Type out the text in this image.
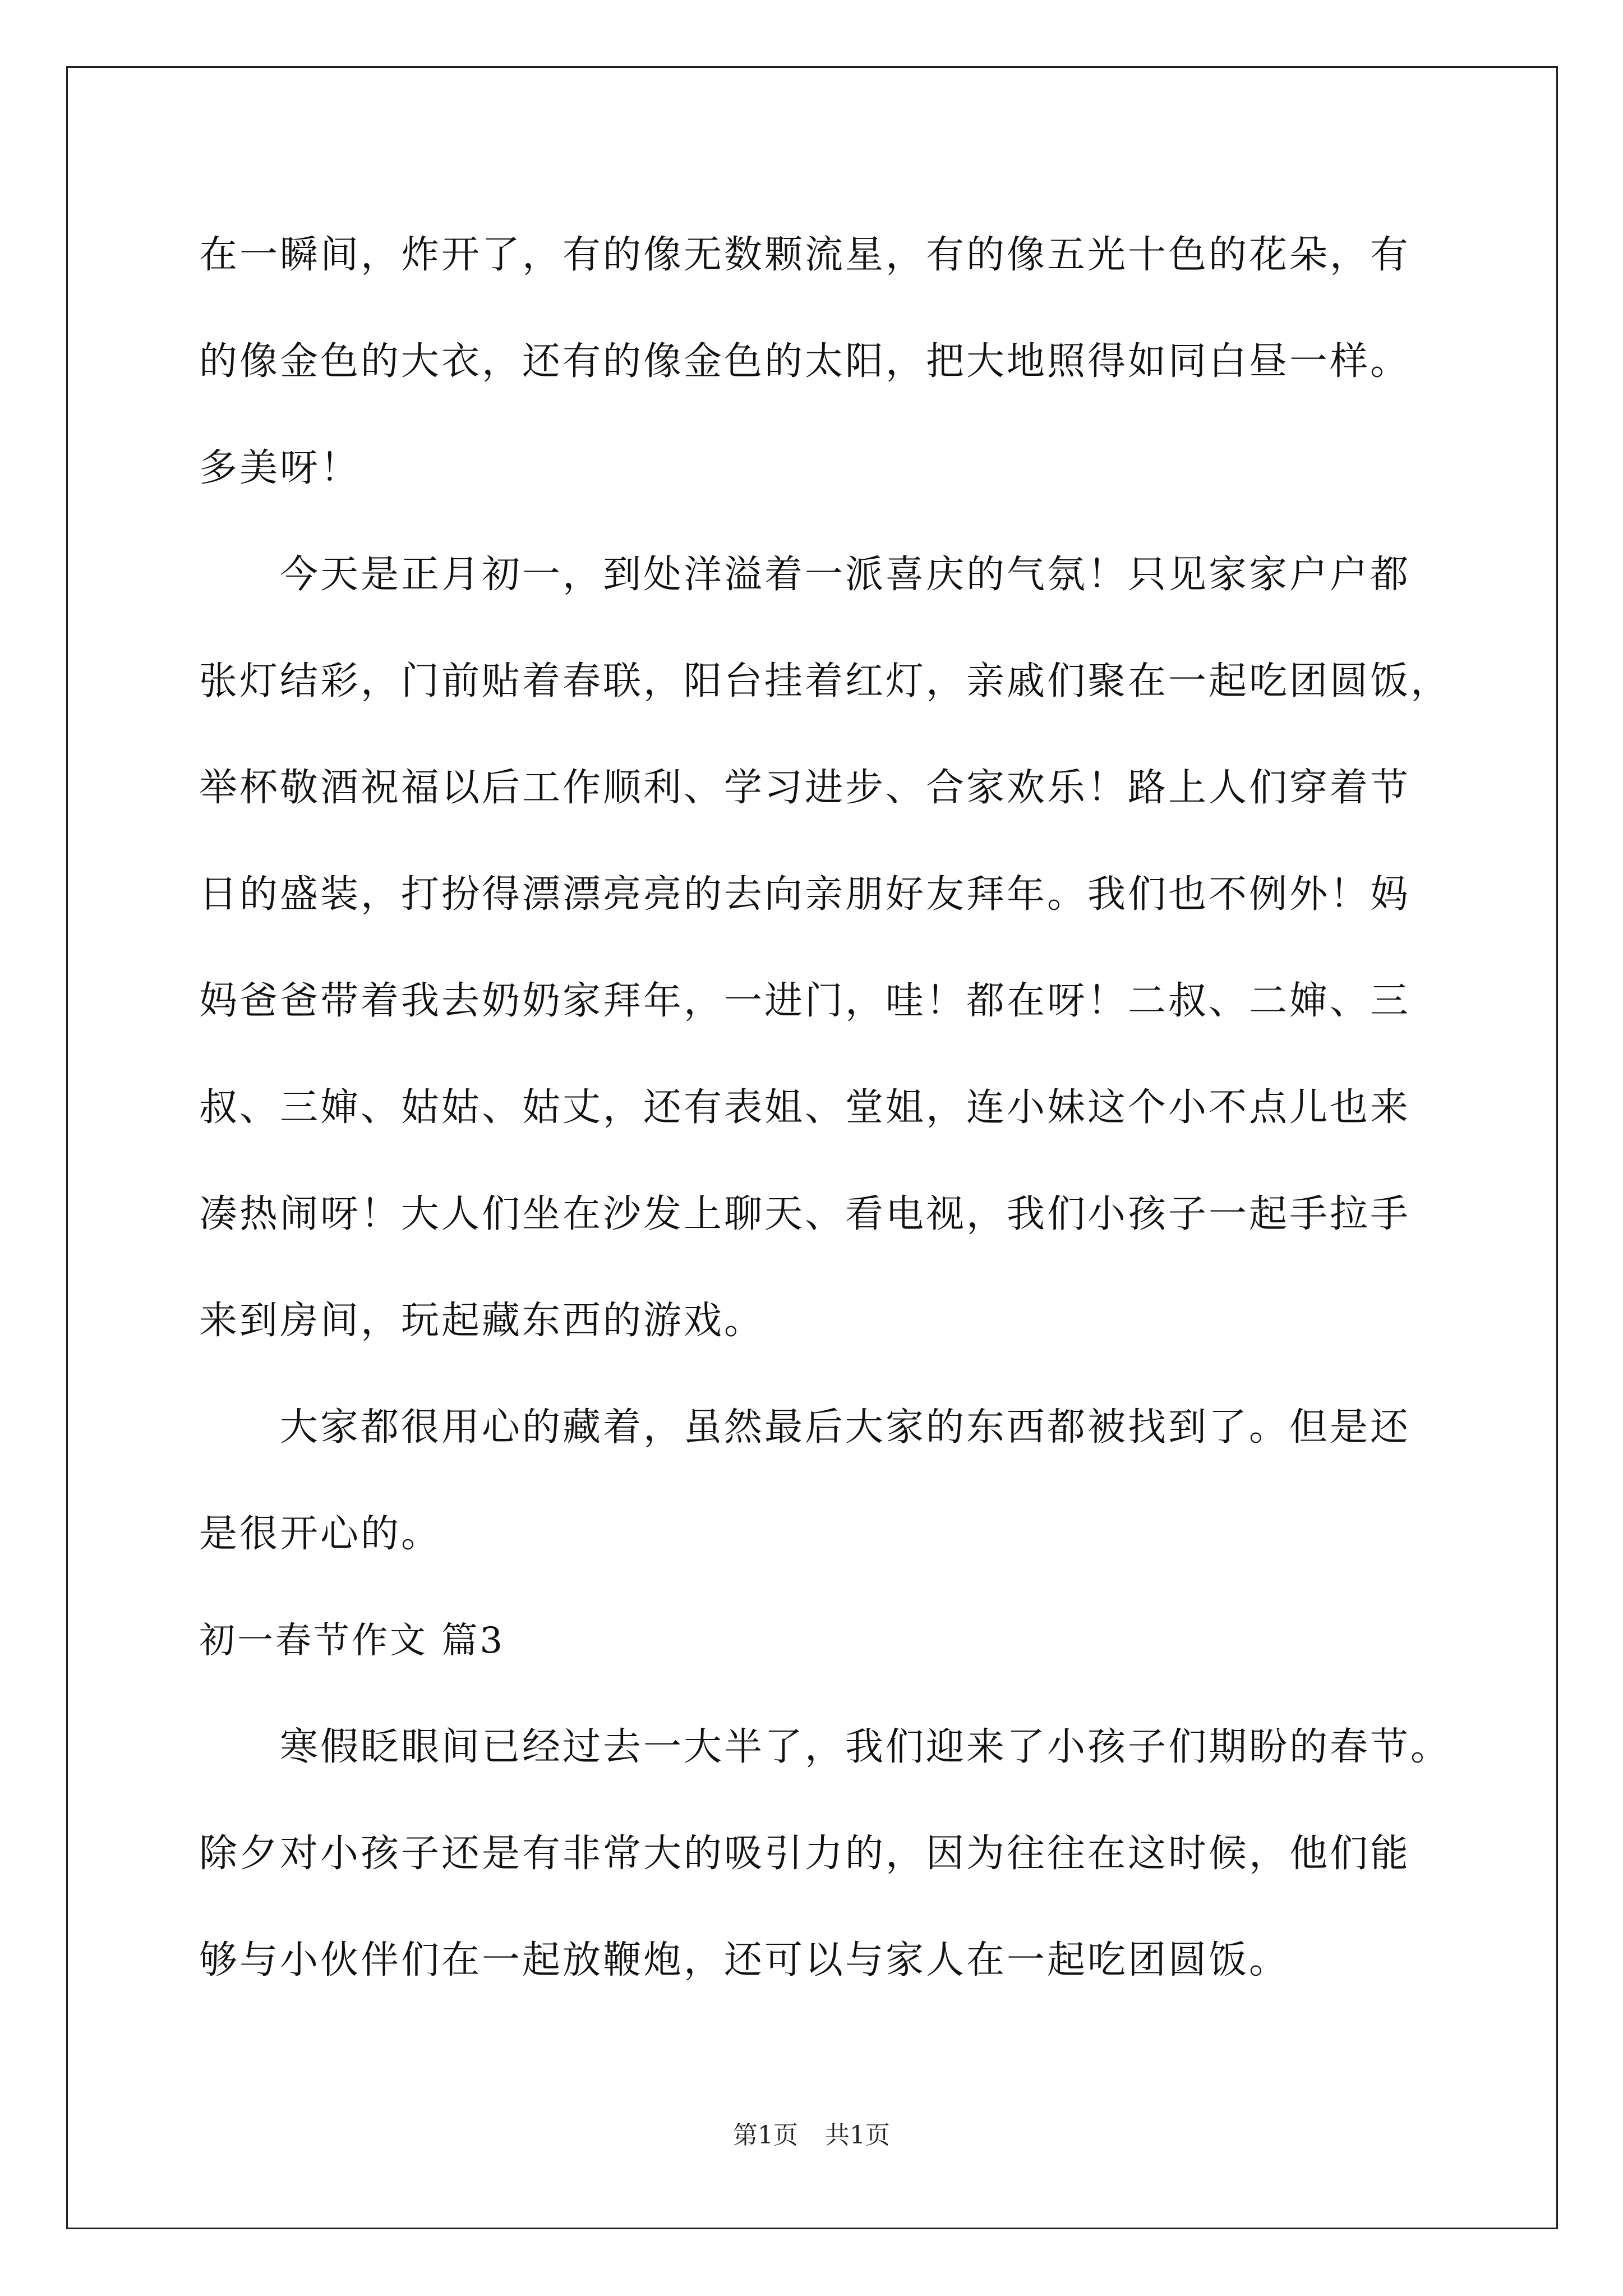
在一瞬间，炸开了，有的像无数颗流星，有的像五光十色的花朵，有
的像金色的大衣，还有的像金色的太阳，把大地照得如同白昼一样。
多美呀！
今天是正月初一，到处洋溢着一派喜庆的气氛！只见家家户户都
张灯结彩，门前贴着春联，阳台挂着红灯，亲戚们聚在一起吃团圆饭，
举杯敬酒祝福以后工作顺利、学习进步、合家欢乐！路上人们穿着节
日的盛装，打扮得漂漂亮亮的去向亲朋好友拜年。我们也不例外！妈
妈爸爸带着我去奶奶家拜年，一进门，哇！都在呀！二叔、二婶、三
叔、三婶、姑姑、姑丈，还有表姐、堂姐，连小妹这个小不点儿也来
凑热闹呀！大人们坐在沙发上聊天、看电视，我们小孩子一起手拉手
来到房间，玩起藏东西的游戏。
大家都很用心的藏着，虽然最后大家的东西都被找到了。但是还
是很开心的。
初一春节作文 篇3
寒假眨眼间已经过去一大半了，我们迎来了小孩子们期盼的春节。
除夕对小孩子还是有非常大的吸引力的，因为往往在这时候，他们能
够与小伙伴们在一起放鞭炮，还可以与家人在一起吃团圆饭。
第1页 共1页
